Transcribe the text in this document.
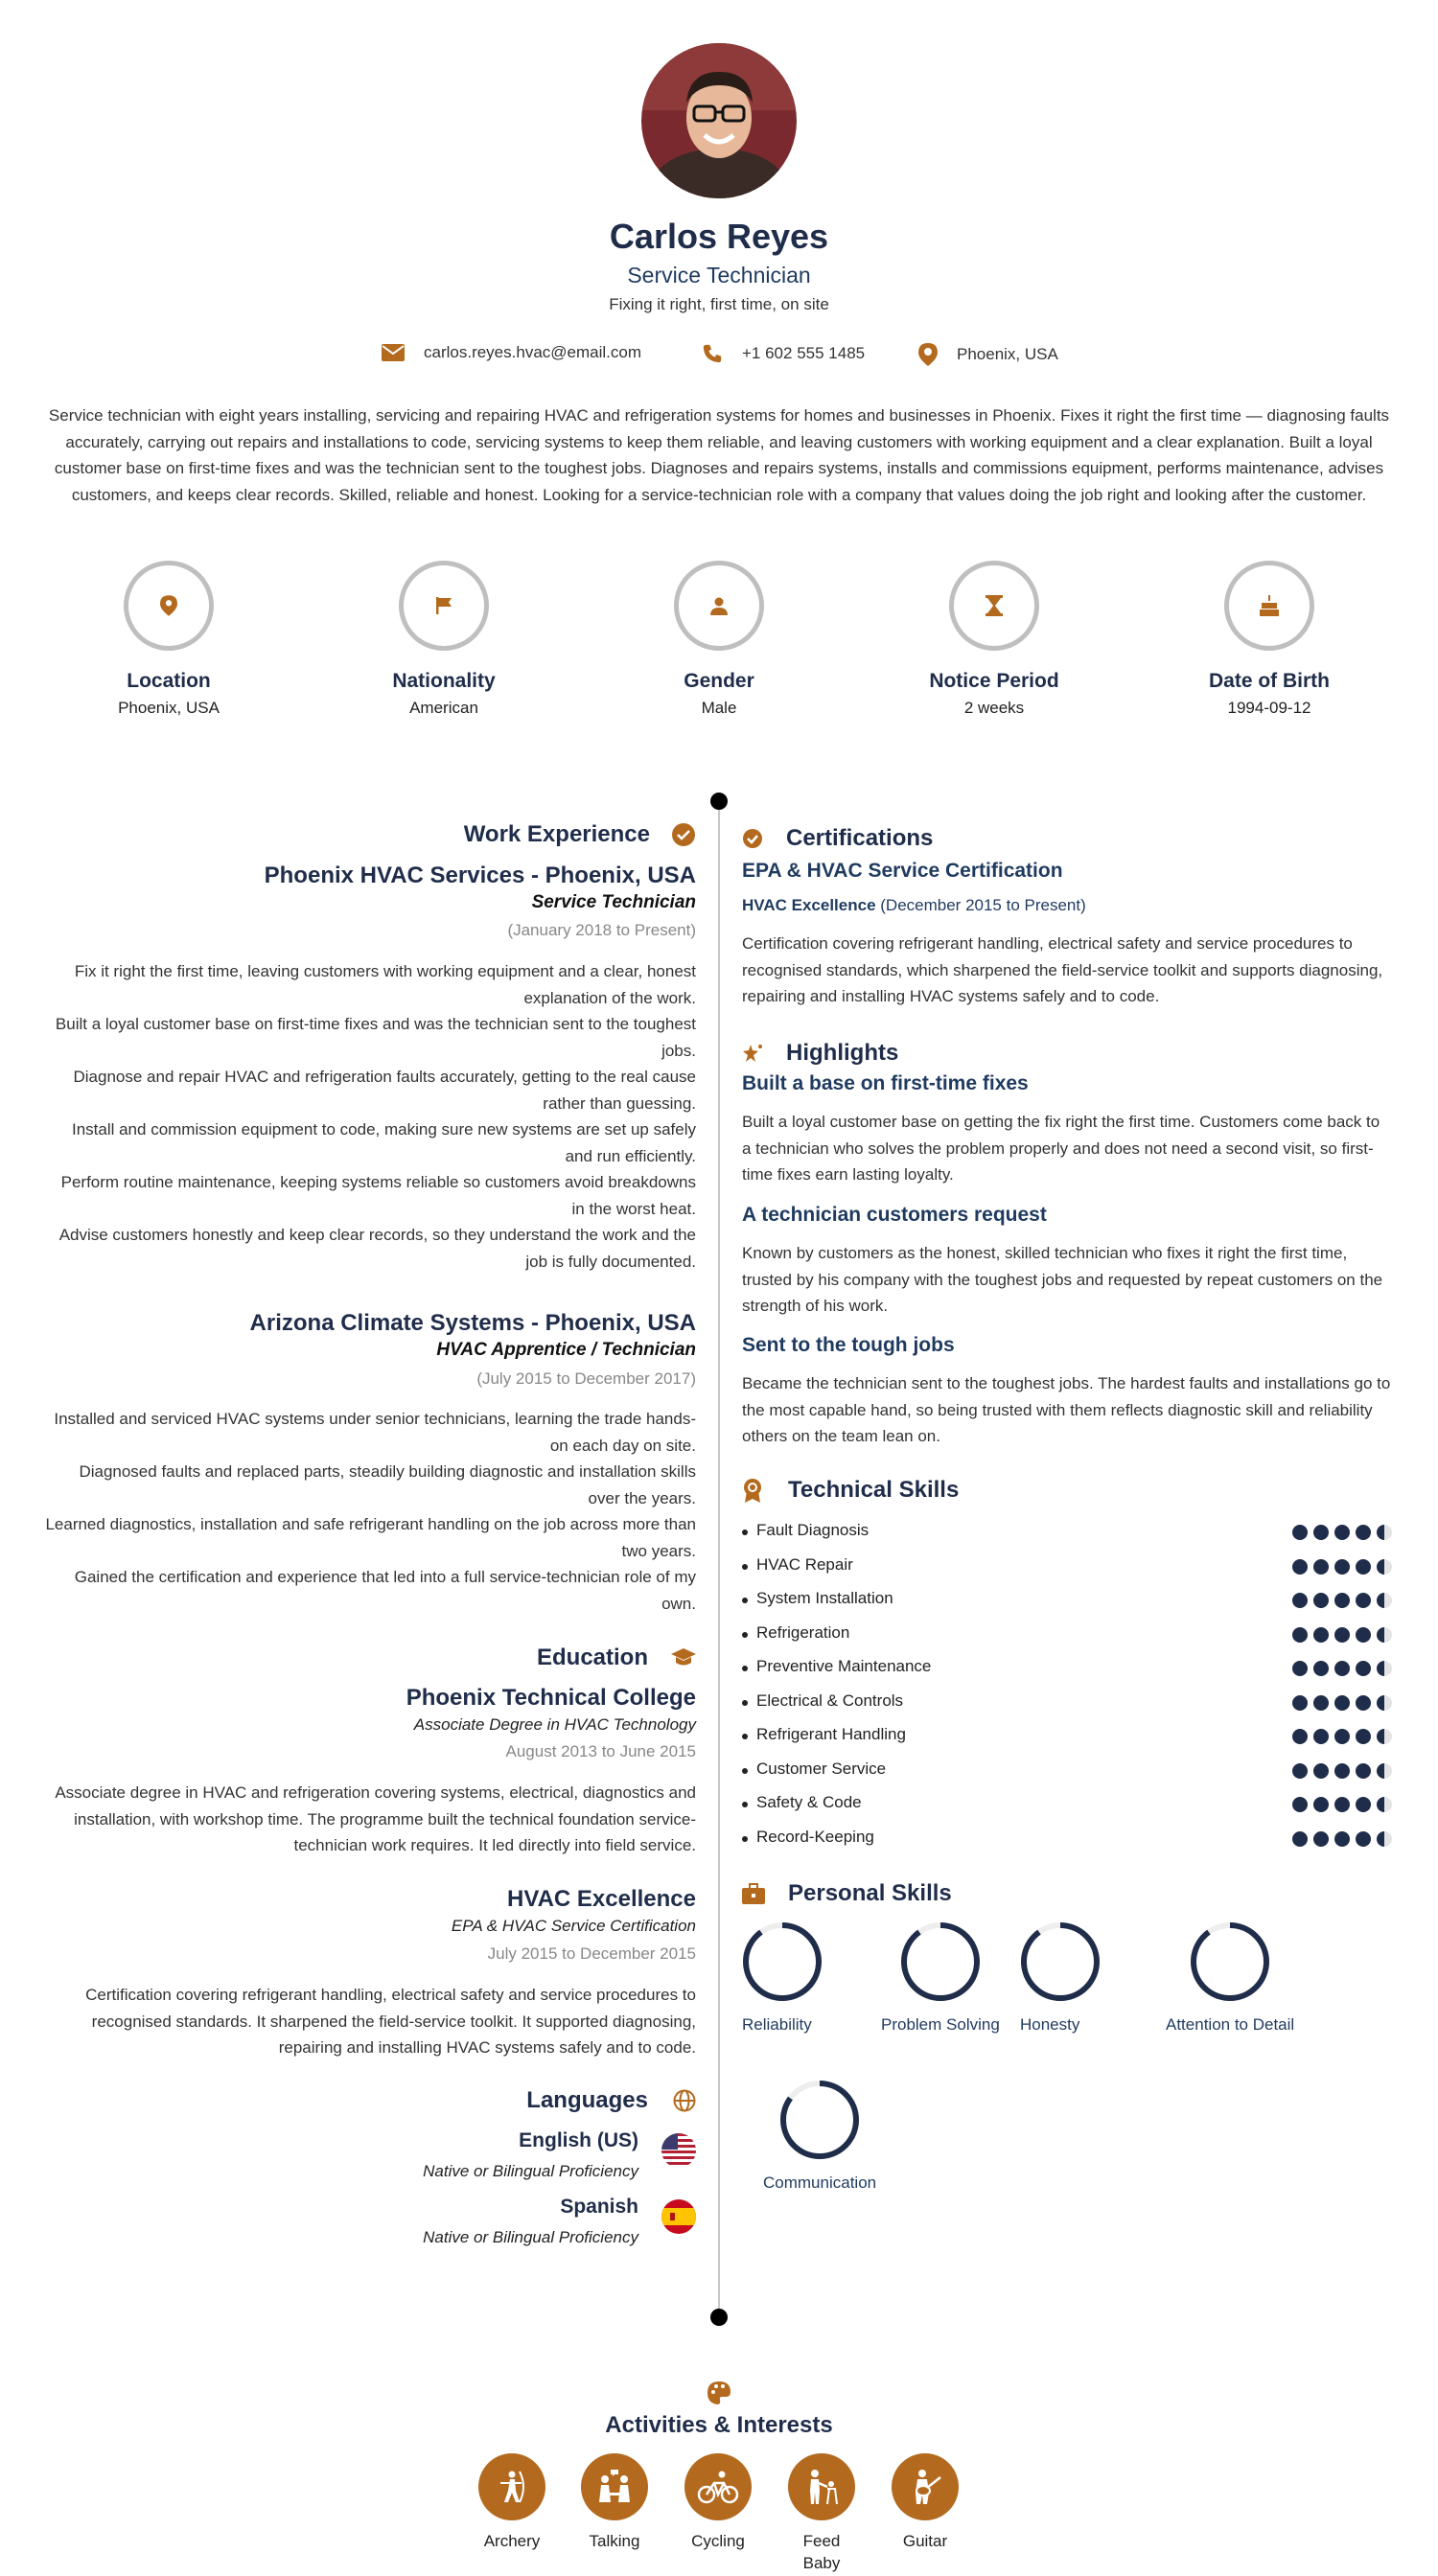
Carlos Reyes
Service Technician
Fixing it right, first time, on site
carlos.reyes.hvac@email.com	+1 602 555 1485	Phoenix, USA
Service technician with eight years installing, servicing and repairing HVAC and refrigeration systems for homes and businesses in Phoenix. Fixes it right the first time — diagnosing faults accurately, carrying out repairs and installations to code, servicing systems to keep them reliable, and leaving customers with working equipment and a clear explanation. Built a loyal customer base on first-time fixes and was the technician sent to the toughest jobs. Diagnoses and repairs systems, installs and commissions equipment, performs maintenance, advises customers, and keeps clear records. Skilled, reliable and honest. Looking for a service-technician role with a company that values doing the job right and looking after the customer.
Location
Phoenix, USA
Nationality
American
Gender
Male
Notice Period
2 weeks
Date of Birth
1994-09-12
Work Experience
Phoenix HVAC Services - Phoenix, USA
Service Technician
(January 2018 to Present)
Fix it right the first time, leaving customers with working equipment and a clear, honest explanation of the work.
Built a loyal customer base on first-time fixes and was the technician sent to the toughest jobs.
Diagnose and repair HVAC and refrigeration faults accurately, getting to the real cause rather than guessing.
Install and commission equipment to code, making sure new systems are set up safely and run efficiently.
Perform routine maintenance, keeping systems reliable so customers avoid breakdowns in the worst heat.
Advise customers honestly and keep clear records, so they understand the work and the job is fully documented.
Arizona Climate Systems - Phoenix, USA
HVAC Apprentice / Technician
(July 2015 to December 2017)
Installed and serviced HVAC systems under senior technicians, learning the trade hands-on each day on site.
Diagnosed faults and replaced parts, steadily building diagnostic and installation skills over the years.
Learned diagnostics, installation and safe refrigerant handling on the job across more than two years.
Gained the certification and experience that led into a full service-technician role of my own.
Education
Phoenix Technical College
Associate Degree in HVAC Technology
August 2013 to June 2015
Associate degree in HVAC and refrigeration covering systems, electrical, diagnostics and installation, with workshop time. The programme built the technical foundation service-technician work requires. It led directly into field service.
HVAC Excellence
EPA & HVAC Service Certification
July 2015 to December 2015
Certification covering refrigerant handling, electrical safety and service procedures to recognised standards. It sharpened the field-service toolkit. It supported diagnosing, repairing and installing HVAC systems safely and to code.
Languages
English (US)
Native or Bilingual Proficiency
Spanish
Native or Bilingual Proficiency
Certifications
EPA & HVAC Service Certification
HVAC Excellence (December 2015 to Present)
Certification covering refrigerant handling, electrical safety and service procedures to recognised standards, which sharpened the field-service toolkit and supports diagnosing, repairing and installing HVAC systems safely and to code.
Highlights
Built a base on first-time fixes
Built a loyal customer base on getting the fix right the first time. Customers come back to a technician who solves the problem properly and does not need a second visit, so first-time fixes earn lasting loyalty.
A technician customers request
Known by customers as the honest, skilled technician who fixes it right the first time, trusted by his company with the toughest jobs and requested by repeat customers on the strength of his work.
Sent to the tough jobs
Became the technician sent to the toughest jobs. The hardest faults and installations go to the most capable hand, so being trusted with them reflects diagnostic skill and reliability others on the team lean on.
Technical Skills
Fault Diagnosis
HVAC Repair
System Installation
Refrigeration
Preventive Maintenance
Electrical & Controls
Refrigerant Handling
Customer Service
Safety & Code
Record-Keeping
Personal Skills
Reliability	Problem Solving Honesty	Attention to Detail
Communication
Activities & Interests
Archery	Talking	Cycling	Feed Baby
Guitar
